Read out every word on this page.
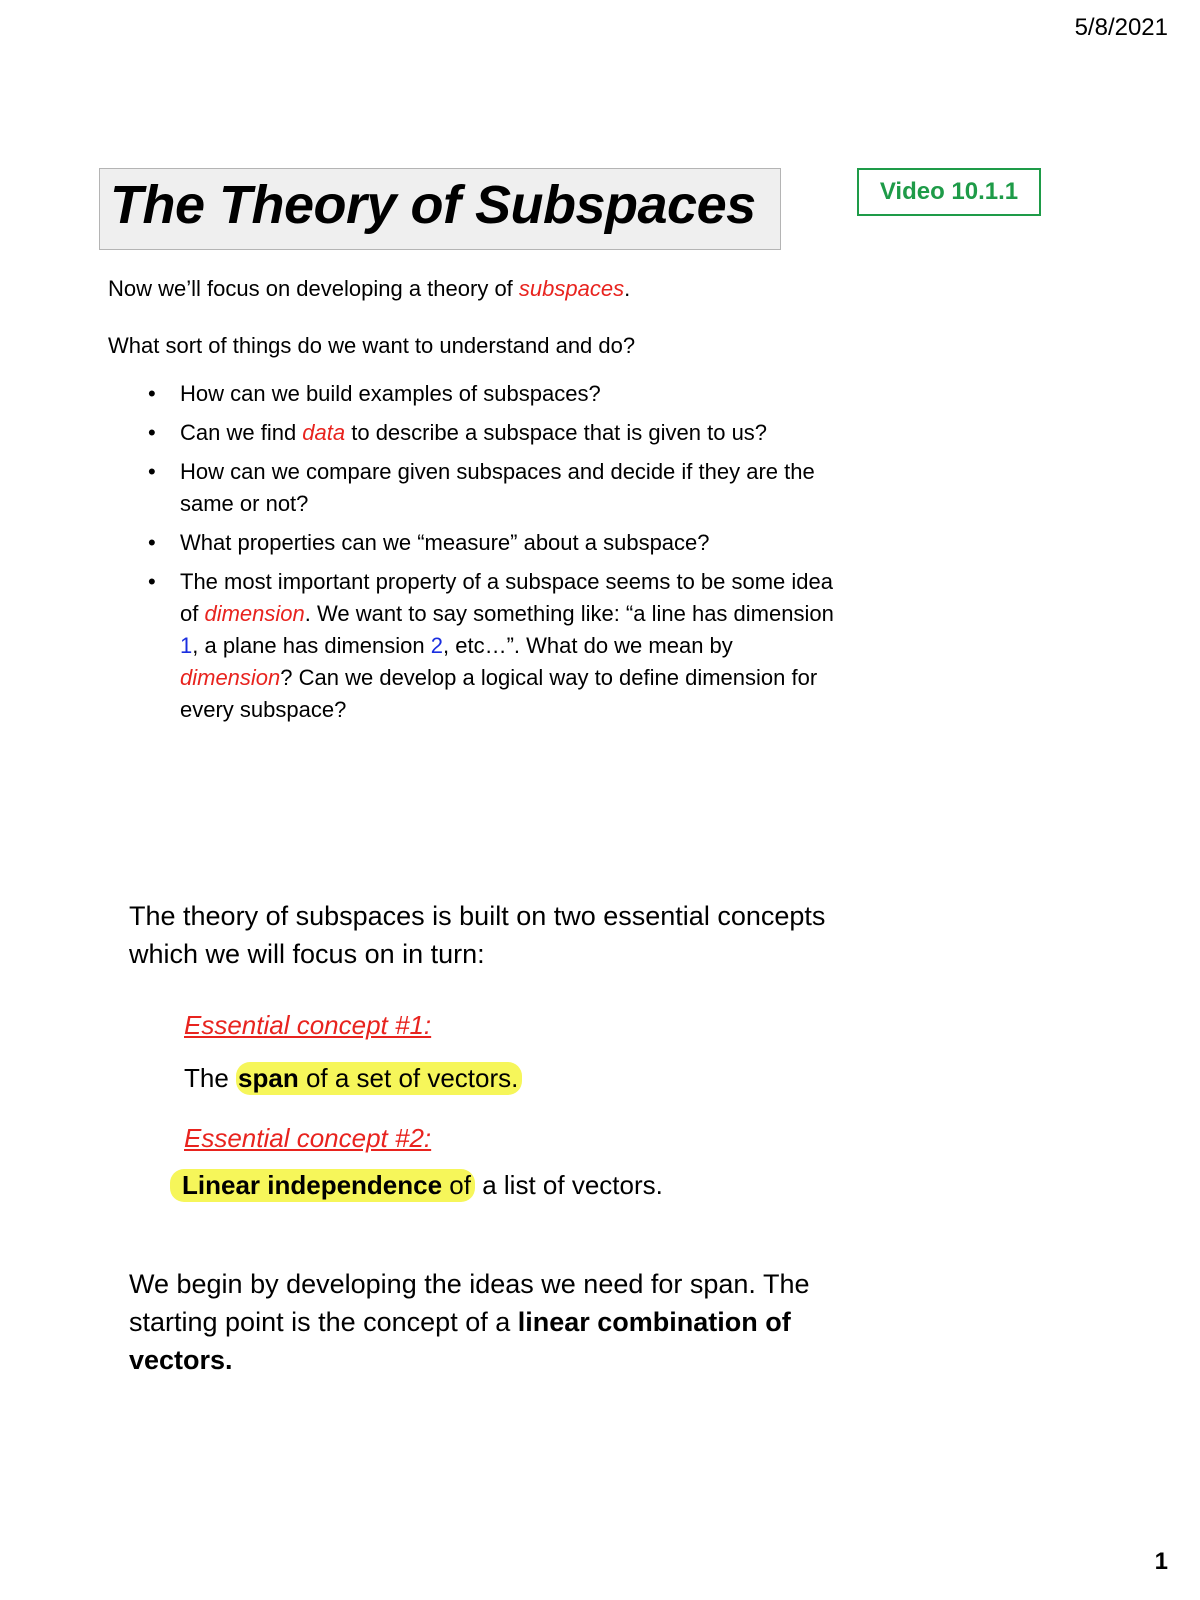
5/8/2021
The Theory of Subspaces	Video 10.1.1
Now we’ll focus on developing a theory of subspaces.
What sort of things do we want to understand and do?
• How can we build examples of subspaces?
• Can we find data to describe a subspace that is given to us?
• How can we compare given subspaces and decide if they are the same or not?
• What properties can we “measure” about a subspace?
• The most important property of a subspace seems to be some idea of dimension. We want to say something like: “a line has dimension 1, a plane has dimension 2, etc…”. What do we mean by dimension? Can we develop a logical way to define dimension for every subspace?
The theory of subspaces is built on two essential concepts which we will focus on in turn:
Essential concept #1:
The span of a set of vectors.
Essential concept #2:
Linear independence of a list of vectors.
We begin by developing the ideas we need for span. The starting point is the concept of a linear combination of vectors.
1
